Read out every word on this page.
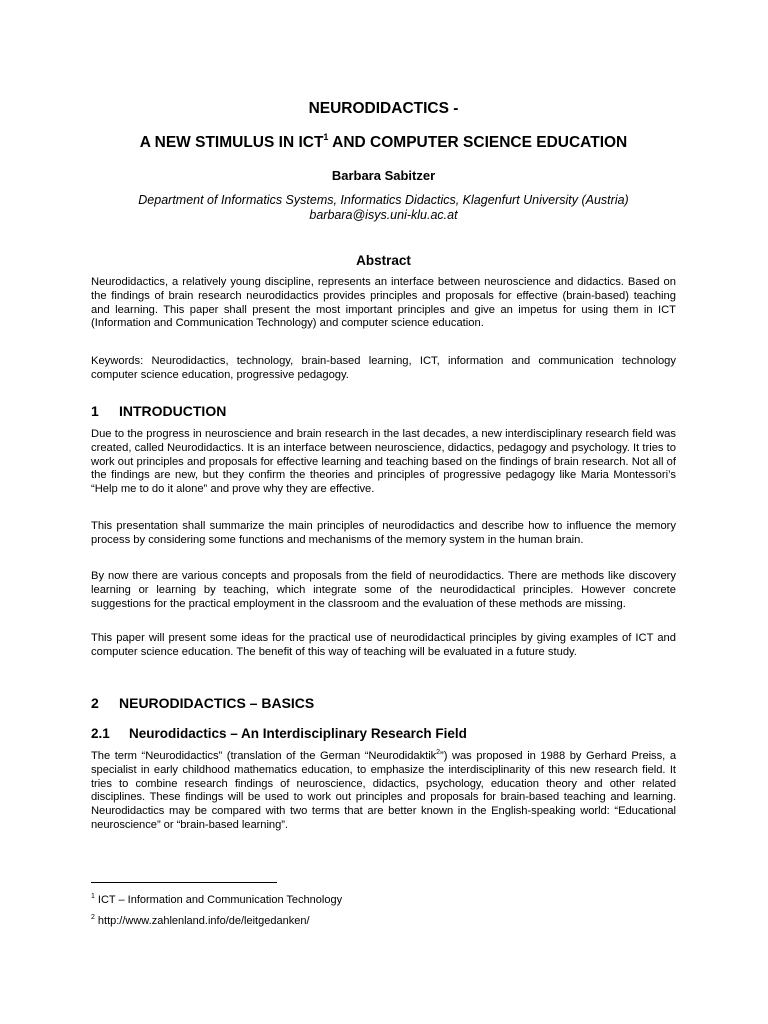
NEURODIDACTICS -
A NEW STIMULUS IN ICT$^1$ AND COMPUTER SCIENCE EDUCATION
Barbara Sabitzer
Department of Informatics Systems, Informatics Didactics, Klagenfurt University (Austria)
barbara@isys.uni-klu.ac.at
Abstract
Neurodidactics, a relatively young discipline, represents an interface between neuroscience and didactics. Based on the findings of brain research neurodidactics provides principles and proposals for effective (brain-based) teaching and learning. This paper shall present the most important principles and give an impetus for using them in ICT (Information and Communication Technology) and computer science education.
Keywords: Neurodidactics, technology, brain-based learning, ICT, information and communication technology computer science education, progressive pedagogy.
1 INTRODUCTION
Due to the progress in neuroscience and brain research in the last decades, a new interdisciplinary research field was created, called Neurodidactics. It is an interface between neuroscience, didactics, pedagogy and psychology. It tries to work out principles and proposals for effective learning and teaching based on the findings of brain research. Not all of the findings are new, but they confirm the theories and principles of progressive pedagogy like Maria Montessori’s “Help me to do it alone” and prove why they are effective.
This presentation shall summarize the main principles of neurodidactics and describe how to influence the memory process by considering some functions and mechanisms of the memory system in the human brain.
By now there are various concepts and proposals from the field of neurodidactics. There are methods like discovery learning or learning by teaching, which integrate some of the neurodidactical principles. However concrete suggestions for the practical employment in the classroom and the evaluation of these methods are missing.
This paper will present some ideas for the practical use of neurodidactical principles by giving examples of ICT and computer science education. The benefit of this way of teaching will be evaluated in a future study.
2 NEURODIDACTICS – BASICS
2.1 Neurodidactics – An Interdisciplinary Research Field
The term “Neurodidactics” (translation of the German “Neurodidaktik$^2$”) was proposed in 1988 by Gerhard Preiss, a specialist in early childhood mathematics education, to emphasize the interdisciplinarity of this new research field. It tries to combine research findings of neuroscience, didactics, psychology, education theory and other related disciplines. These findings will be used to work out principles and proposals for brain-based teaching and learning. Neurodidactics may be compared with two terms that are better known in the English-speaking world: “Educational neuroscience” or “brain-based learning”.
$^1$ ICT – Information and Communication Technology
$^2$ http://www.zahlenland.info/de/leitgedanken/
